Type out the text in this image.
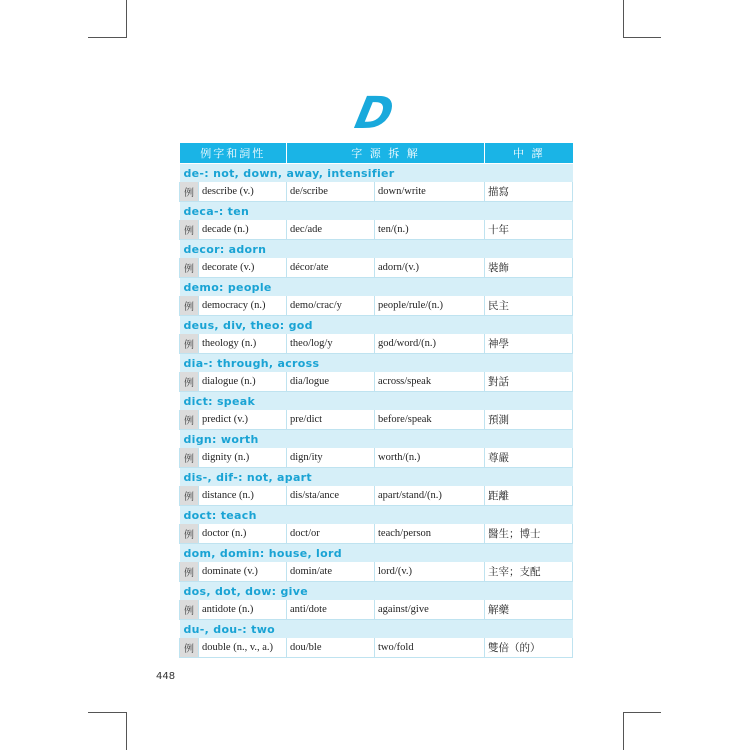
D
例字和詞性		字 源 拆 解		中 譯
de-: not, down, away, intensifier				
例	describe (v.)	de/scribe	down/write	描寫
deca-: ten				
例	decade (n.)	dec/ade	ten/(n.)	十年
decor: adorn				
例	decorate (v.)	décor/ate	adorn/(v.)	裝飾
demo: people				
例	democracy (n.)	demo/crac/y	people/rule/(n.)	民主
deus, div, theo: god				
例	theology (n.)	theo/log/y	god/word/(n.)	神學
dia-: through, across				
例	dialogue (n.)	dia/logue	across/speak	對話
dict: speak				
例	predict (v.)	pre/dict	before/speak	預測
dign: worth				
例	dignity (n.)	dign/ity	worth/(n.)	尊嚴
dis-, dif-: not, apart				
例	distance (n.)	dis/sta/ance	apart/stand/(n.)	距離
doct: teach				
例	doctor (n.)	doct/or	teach/person	醫生；博士
dom, domin: house, lord				
例	dominate (v.)	domin/ate	lord/(v.)	主宰；支配
dos, dot, dow: give				
例	antidote (n.)	anti/dote	against/give	解藥
du-, dou-: two				
例	double (n., v., a.)	dou/ble	two/fold	雙倍（的）
448
